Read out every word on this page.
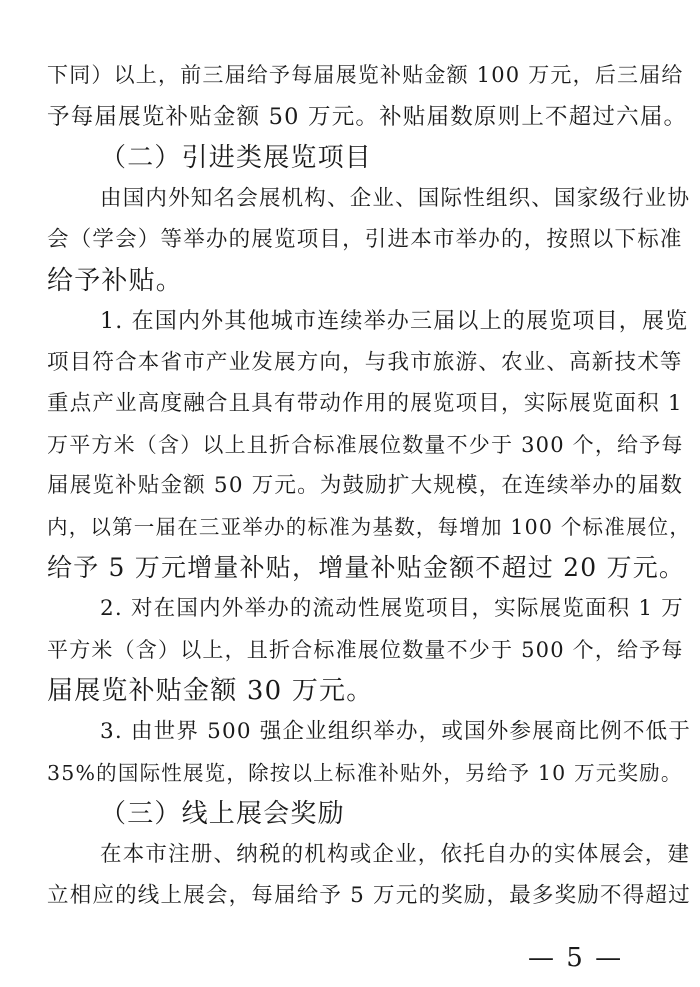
下同）以上，前三届给予每届展览补贴金额 100 万元，后三届给
予每届展览补贴金额 50 万元。补贴届数原则上不超过六届。
（二）引进类展览项目
由国内外知名会展机构、企业、国际性组织、国家级行业协
会（学会）等举办的展览项目，引进本市举办的，按照以下标准
给予补贴。
1. 在国内外其他城市连续举办三届以上的展览项目，展览
项目符合本省市产业发展方向，与我市旅游、农业、高新技术等
重点产业高度融合且具有带动作用的展览项目，实际展览面积 1
万平方米（含）以上且折合标准展位数量不少于 300 个，给予每
届展览补贴金额 50 万元。为鼓励扩大规模，在连续举办的届数
内，以第一届在三亚举办的标准为基数，每增加 100 个标准展位，
给予 5 万元增量补贴，增量补贴金额不超过 20 万元。
2. 对在国内外举办的流动性展览项目，实际展览面积 1 万
平方米（含）以上，且折合标准展位数量不少于 500 个，给予每
届展览补贴金额 30 万元。
3. 由世界 500 强企业组织举办，或国外参展商比例不低于
35%的国际性展览，除按以上标准补贴外，另给予 10 万元奖励。
（三）线上展会奖励
在本市注册、纳税的机构或企业，依托自办的实体展会，建
立相应的线上展会，每届给予 5 万元的奖励，最多奖励不得超过
— 5 —
